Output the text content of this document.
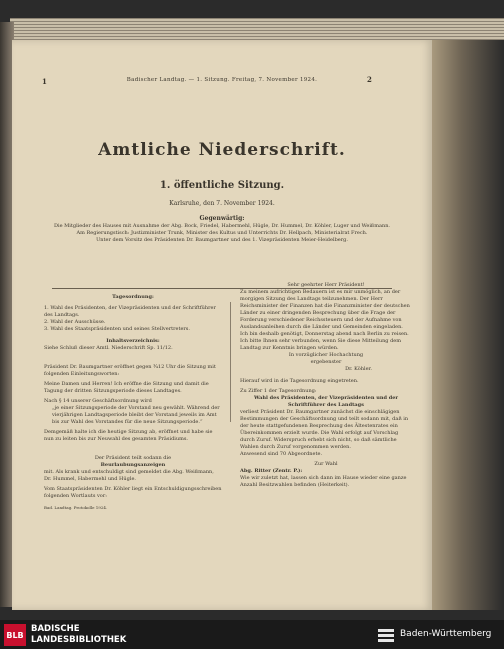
1	Badischer Landtag. — 1. Sitzung. Freitag, 7. November 1924.	2
Amtliche Niederschrift.
1. öffentliche Sitzung.
Karlsruhe, den 7. November 1924.
Gegenwärtig:
Die Mitglieder des Hauses mit Ausnahme der Abg. Bock, Friedel, Habermehl, Hügle, Dr. Hummel, Dr. Köhler, Luger und Weißmann.
Am Regierungstisch: Justizminister Trunk, Minister des Kultus und Unterrichts Dr. Hellpach, Ministerialrat Frech.
Unter dem Vorsitz des Präsidenten Dr. Baumgartner und des 1. Vizepräsidenten Meier-Heidelberg.
Tagesordnung:
1. Wahl des Präsidenten, der Vizepräsidenten und der Schriftführer des Landtags.
2. Wahl der Ausschüsse.
3. Wahl des Staatspräsidenten und seines Stellvertreters.
Inhaltsverzeichnis:
Siehe Schluß dieser Amtl. Niederschrift Sp. 11/12.
Präsident Dr. Baumgartner eröffnet gegen ¾12 Uhr die Sitzung mit folgenden Einleitungsworten:
Meine Damen und Herren! Ich eröffne die Sitzung und damit die Tagung der dritten Sitzungsperiode dieses Landtages.
Nach § 14 unserer Geschäftsordnung wird
„je einer Sitzungsperiode der Vorstand neu gewählt. Während der vierjährigen Landtagsperiode bleibt der Vorstand jeweils im Amt bis zur Wahl des Vorstandes für die neue Sitzungsperiode.“
Demgemäß halte ich die heutige Sitzung ab, eröffnet und habe sie nun zu leiten bis zur Neuwahl des gesamten Präsidiums.
Der Präsident teilt sodann die
Beurlaubungsanzeigen
mit. Als krank und entschuldigt sind gemeldet die Abg. Weißmann, Dr. Hummel, Habermehl und Hügle.
Vom Staatspräsidenten Dr. Köhler liegt ein Entschuldigungsschreiben folgenden Wortlauts vor:
Bad. Landtag. Protokolle 1924.
Sehr geehrter Herr Präsident!
Zu meinem aufrichtigen Bedauern ist es mir unmöglich, an der morgigen Sitzung des Landtags teilzunehmen. Der Herr Reichsminister der Finanzen hat die Finanzminister der deutschen Länder zu einer dringenden Besprechung über die Frage der Forderung verschiedener Reichssteuern und der Aufnahme von Auslandsanleihen durch die Länder und Gemeinden eingeladen. Ich bin deshalb genötigt, Donnerstag abend nach Berlin zu reisen. Ich bitte Ihnen sehr verbunden, wenn Sie diese Mitteilung dem Landtag zur Kenntnis bringen würden.
In vorzüglicher Hochachtung
ergebenster
Dr. Köhler.
Hierauf wird in die Tagesordnung eingetreten.
Zu Ziffer 1 der Tagesordnung:
Wahl des Präsidenten, der Vizepräsidenten und der Schriftführer des Landtags
verliest Präsident Dr. Baumgartner zunächst die einschlägigen Bestimmungen der Geschäftsordnung und teilt sodann mit, daß in der heute stattgefundenen Besprechung des Ältestenrates ein Übereinkommen erzielt wurde. Die Wahl erfolgt auf Vorschlag durch Zuruf. Widerspruch erhebt sich nicht, so daß sämtliche Wahlen durch Zuruf vorgenommen werden.
Anwesend sind 70 Abgeordnete.
Zur Wahl
Abg. Ritter (Zentr. P.):
Wie wir zuletzt hat, lassen sich dann im Hause wieder eine ganze Anzahl Besitzwahlen befinden (Heiterkeit).
BLB
BADISCHE
LANDESBIBLIOTHEK
Baden-Württemberg
